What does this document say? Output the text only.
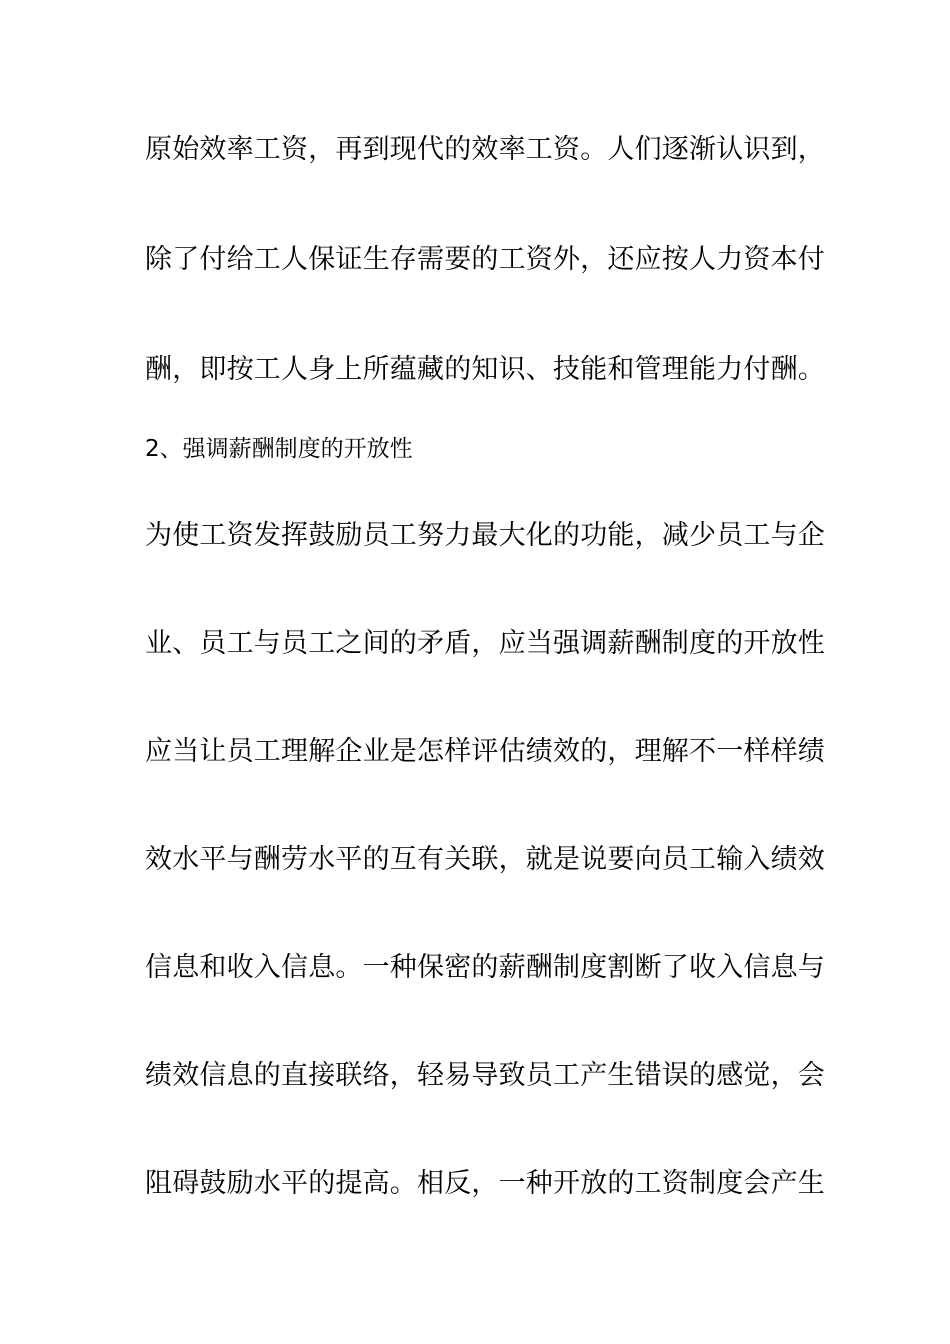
原始效率工资，再到现代的效率工资。人们逐渐认识到，
除了付给工人保证生存需要的工资外，还应按人力资本付
酬，即按工人身上所蕴藏的知识、技能和管理能力付酬。
2、强调薪酬制度的开放性
为使工资发挥鼓励员工努力最大化的功能，减少员工与企
业、员工与员工之间的矛盾，应当强调薪酬制度的开放性
应当让员工理解企业是怎样评估绩效的，理解不一样样绩
效水平与酬劳水平的互有关联，就是说要向员工输入绩效
信息和收入信息。一种保密的薪酬制度割断了收入信息与
绩效信息的直接联络，轻易导致员工产生错误的感觉，会
阻碍鼓励水平的提高。相反，一种开放的工资制度会产生
